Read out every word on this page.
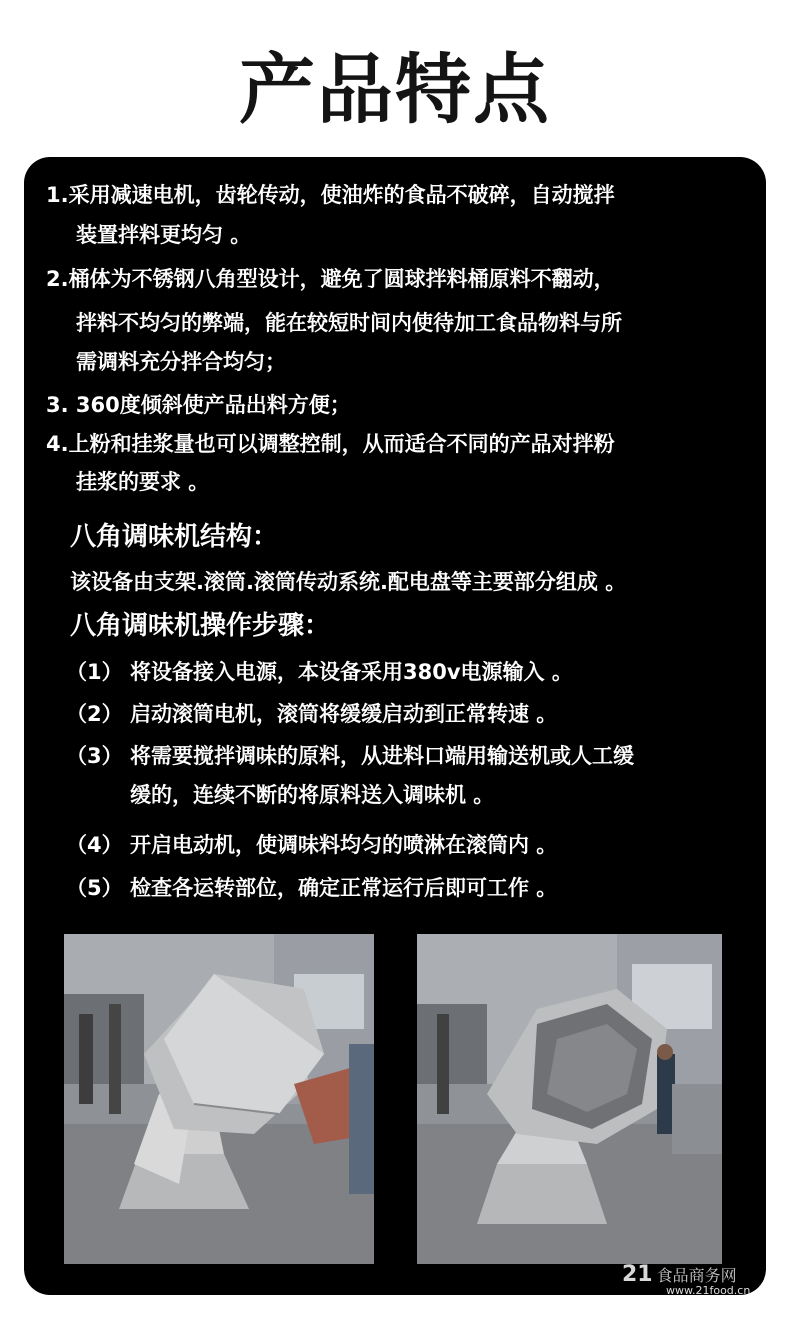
产品特点
1.采用减速电机，齿轮传动，使油炸的食品不破碎，自动搅拌
装置拌料更均匀 。
2.桶体为不锈钢八角型设计，避免了圆球拌料桶原料不翻动，
拌料不均匀的弊端，能在较短时间内使待加工食品物料与所
需调料充分拌合均匀；
3. 360度倾斜使产品出料方便；
4.上粉和挂浆量也可以调整控制，从而适合不同的产品对拌粉
挂浆的要求 。
八角调味机结构：
该设备由支架.滚筒.滚筒传动系统.配电盘等主要部分组成 。
八角调味机操作步骤：
（1） 将设备接入电源，本设备采用380v电源输入 。
（2） 启动滚筒电机，滚筒将缓缓启动到正常转速 。
（3） 将需要搅拌调味的原料，从进料口端用输送机或人工缓
缓的，连续不断的将原料送入调味机 。
（4） 开启电动机，使调味料均匀的喷淋在滚筒内 。
（5） 检查各运转部位，确定正常运行后即可工作 。
21 食品商务网
www.21food.cn
